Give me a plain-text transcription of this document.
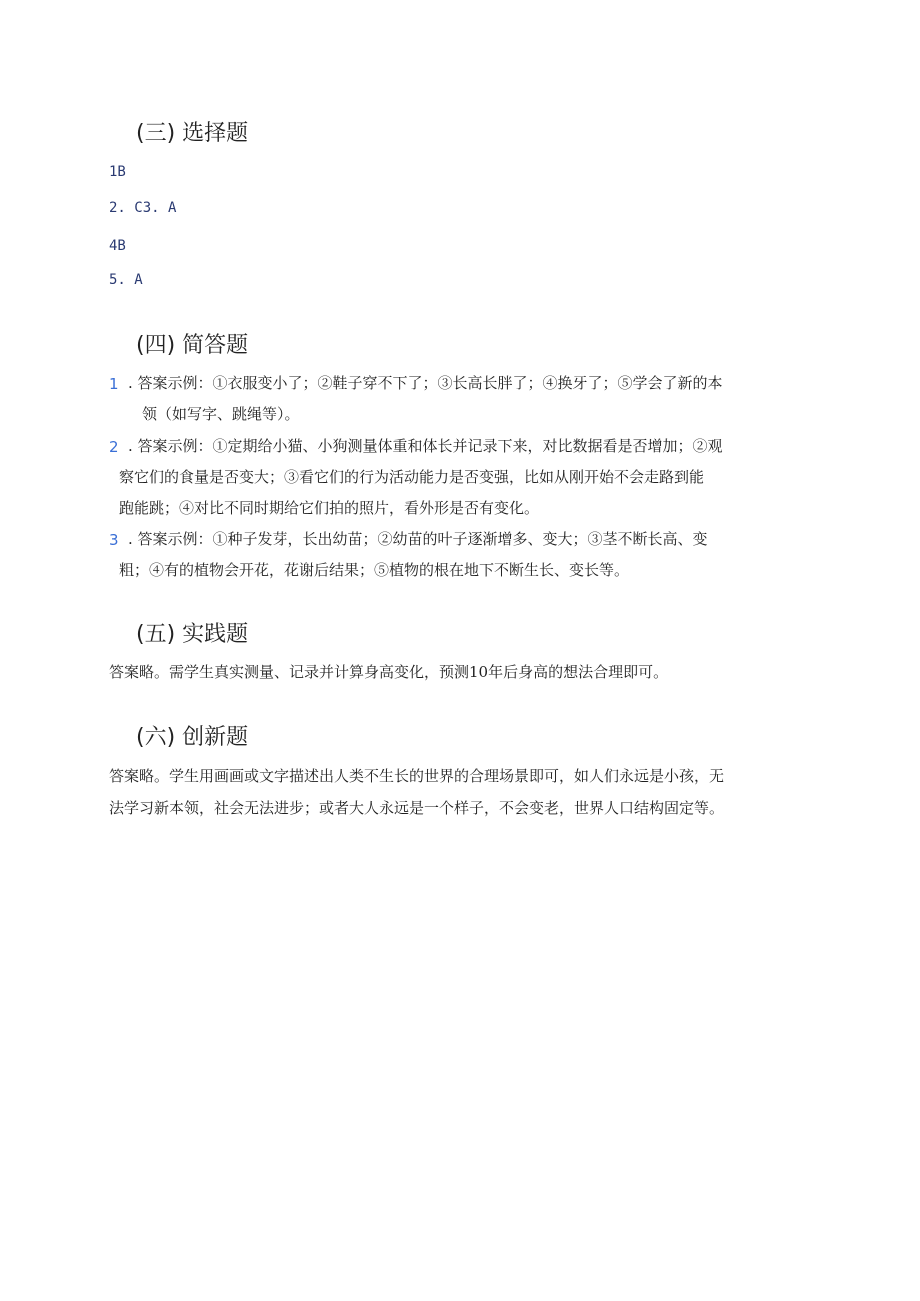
(三) 选择题
1B
2. C3. A
4B
5. A
(四) 简答题
1 . 答案示例：①衣服变小了；②鞋子穿不下了；③长高长胖了；④换牙了；⑤学会了新的本
领（如写字、跳绳等）。

2 . 答案示例：①定期给小猫、小狗测量体重和体长并记录下来，对比数据看是否增加；②观
察它们的食量是否变大；③看它们的行为活动能力是否变强，比如从刚开始不会走路到能
跑能跳；④对比不同时期给它们拍的照片，看外形是否有变化。

3 . 答案示例：①种子发芽，长出幼苗；②幼苗的叶子逐渐增多、变大；③茎不断长高、变
粗；④有的植物会开花，花谢后结果；⑤植物的根在地下不断生长、变长等。

(五) 实践题

答案略。需学生真实测量、记录并计算身高变化，预测10年后身高的想法合理即可。

(六) 创新题

答案略。学生用画画或文字描述出人类不生长的世界的合理场景即可，如人们永远是小孩，无
法学习新本领，社会无法进步；或者大人永远是一个样子，不会变老，世界人口结构固定等。
